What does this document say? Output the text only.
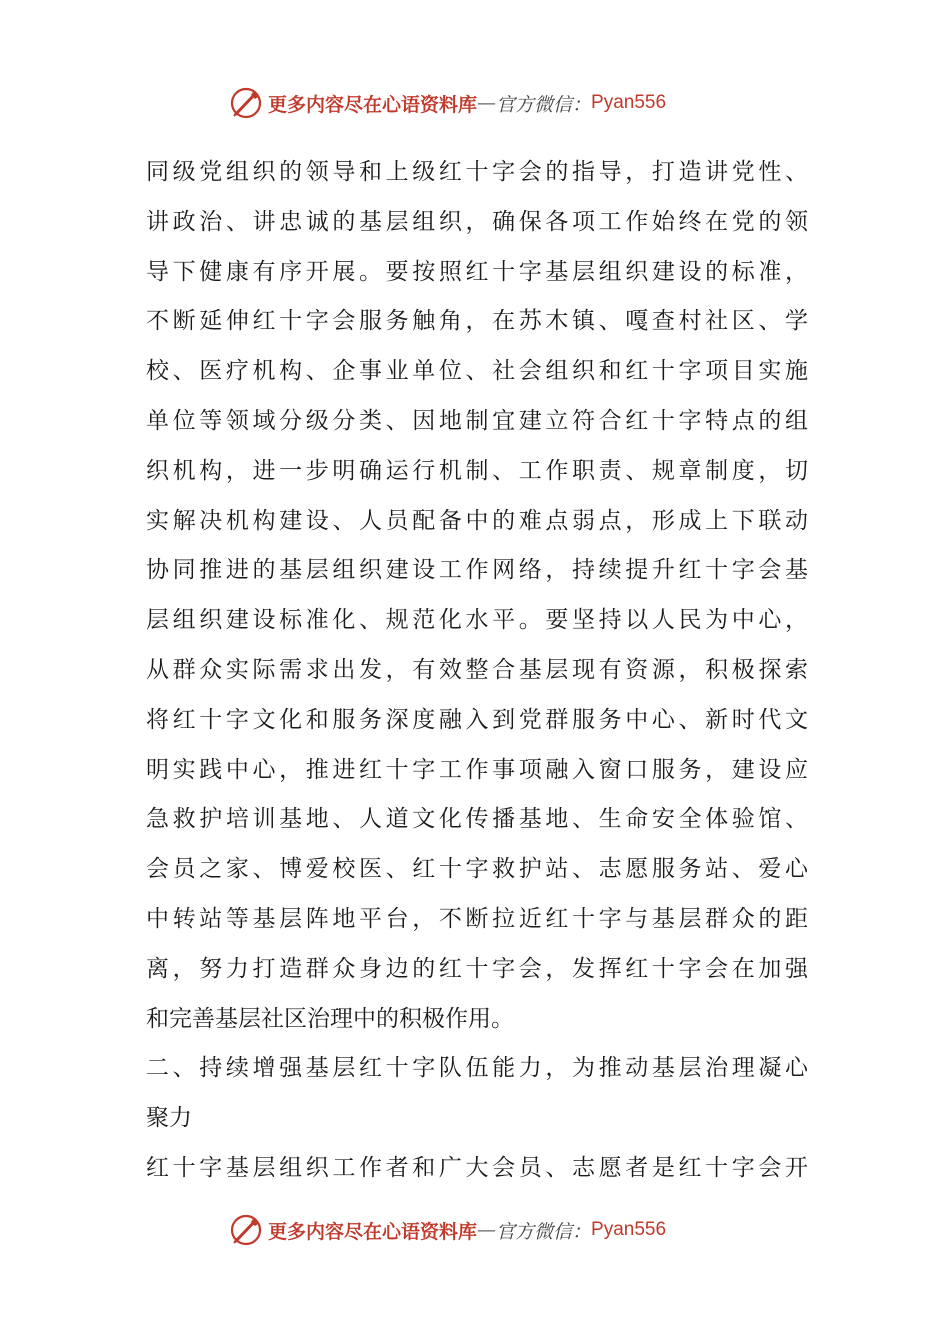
更多内容尽在心语资料库 — 官方微信： Pyan556
同级党组织的领导和上级红十字会的指导，打造讲党性、
讲政治、讲忠诚的基层组织，确保各项工作始终在党的领
导下健康有序开展。要按照红十字基层组织建设的标准，
不断延伸红十字会服务触角，在苏木镇、嘎查村社区、学
校、医疗机构、企事业单位、社会组织和红十字项目实施
单位等领域分级分类、因地制宜建立符合红十字特点的组
织机构，进一步明确运行机制、工作职责、规章制度，切
实解决机构建设、人员配备中的难点弱点，形成上下联动
协同推进的基层组织建设工作网络，持续提升红十字会基
层组织建设标准化、规范化水平。要坚持以人民为中心，
从群众实际需求出发，有效整合基层现有资源，积极探索
将红十字文化和服务深度融入到党群服务中心、新时代文
明实践中心，推进红十字工作事项融入窗口服务，建设应
急救护培训基地、人道文化传播基地、生命安全体验馆、
会员之家、博爱校医、红十字救护站、志愿服务站、爱心
中转站等基层阵地平台，不断拉近红十字与基层群众的距
离，努力打造群众身边的红十字会，发挥红十字会在加强
和完善基层社区治理中的积极作用。
二、持续增强基层红十字队伍能力，为推动基层治理凝心
聚力
红十字基层组织工作者和广大会员、志愿者是红十字会开
更多内容尽在心语资料库 — 官方微信： Pyan556
